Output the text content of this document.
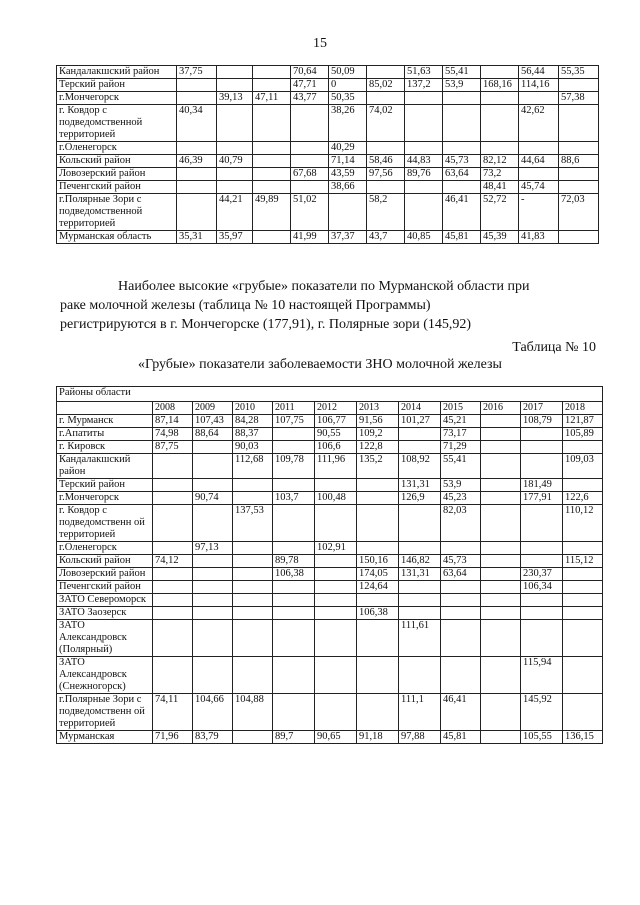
15
Кандалакшский район	37,75			70,64	50,09		51,63	55,41		56,44	55,35
Терский район				47,71	0	85,02	137,2	53,9	168,16	114,16	
г.Мончегорск		39,13	47,11	43,77	50,35						57,38
г. Ковдор с подведомственной территорией	40,34				38,26	74,02				42,62	
г.Оленегорск					40,29						
Кольский район	46,39	40,79			71,14	58,46	44,83	45,73	82,12	44,64	88,6
Ловозерский район				67,68	43,59	97,56	89,76	63,64	73,2		
Печенгский район					38,66				48,41	45,74	
г.Полярные Зори с подведомственной территорией		44,21	49,89	51,02		58,2		46,41	52,72	-	72,03
Мурманская область	35,31	35,97		41,99	37,37	43,7	40,85	45,81	45,39	41,83	
Наиболее высокие «грубые» показатели по Мурманской области при
раке молочной железы (таблица № 10 настоящей Программы)
регистрируются в г. Мончегорске (177,91), г. Полярные зори (145,92)
Таблица № 10
«Грубые» показатели заболеваемости ЗНО молочной железы
Районы области											
	2008	2009	2010	2011	2012	2013	2014	2015	2016	2017	2018
г. Мурманск	87,14	107,43	84,28	107,75	106,77	91,56	101,27	45,21		108,79	121,87
г.Апатиты	74,98	88,64	88,37		90,55	109,2		73,17			105,89
г. Кировск	87,75		90,03		106,6	122,8		71,29			
Кандалакшский район			112,68	109,78	111,96	135,2	108,92	55,41			109,03
Терский район							131,31	53,9		181,49	
г.Мончегорск		90,74		103,7	100,48		126,9	45,23		177,91	122,6
г. Ковдор с подведомственн ой территорией			137,53					82,03			110,12
г.Оленегорск		97,13			102,91						
Кольский район	74,12			89,78		150,16	146,82	45,73			115,12
Ловозерский район				106,38		174,05	131,31	63,64		230,37	
Печенгский район						124,64				106,34	
ЗАТО Североморск											
ЗАТО Заозерск						106,38					
ЗАТО Александровск (Полярный)							111,61				
ЗАТО Александровск (Снежногорск)										115,94	
г.Полярные Зори с подведомственн ой территорией	74,11	104,66	104,88				111,1	46,41		145,92	
Мурманская	71,96	83,79		89,7	90,65	91,18	97,88	45,81		105,55	136,15
